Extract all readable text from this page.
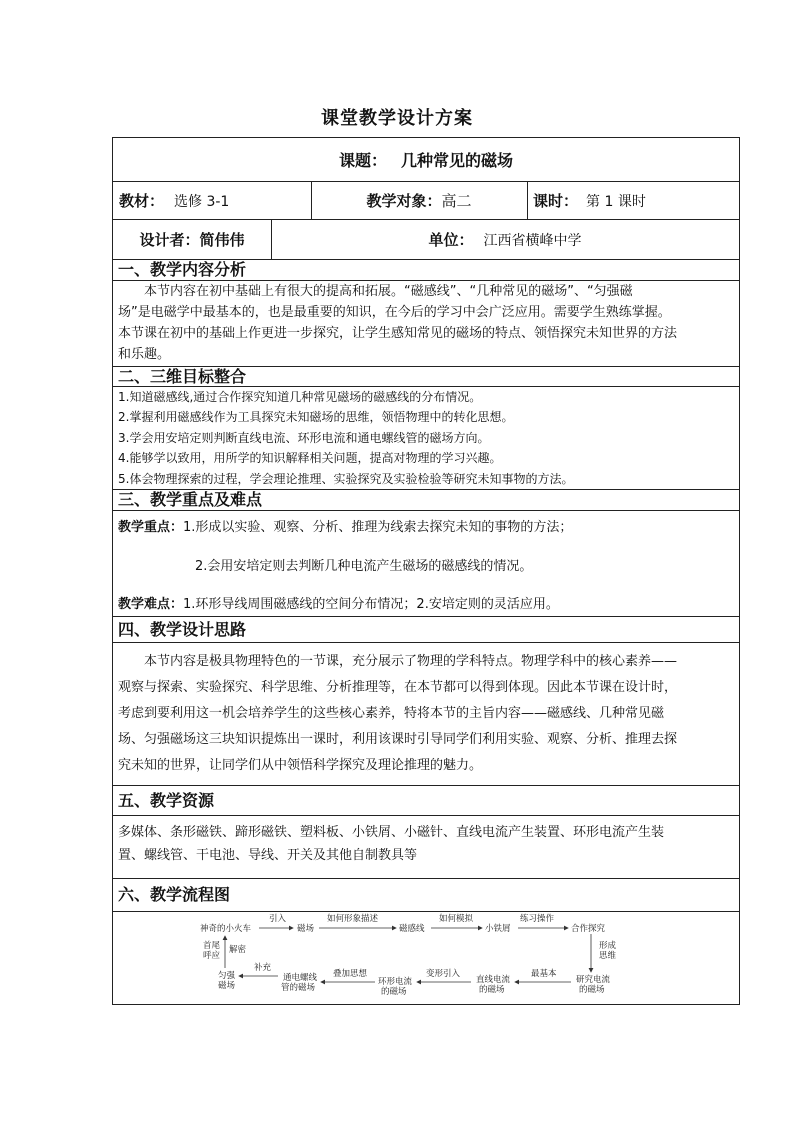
课堂教学设计方案
课题： 几种常见的磁场
教材： 选修 3-1	教学对象： 高二	课时： 第 1 课时
设计者： 简伟伟	单位： 江西省横峰中学
一、教学内容分析
本节内容在初中基础上有很大的提高和拓展。“磁感线”、“几种常见的磁场”、“匀强磁
场”是电磁学中最基本的，也是最重要的知识，在今后的学习中会广泛应用。需要学生熟练掌握。
本节课在初中的基础上作更进一步探究，让学生感知常见的磁场的特点、领悟探究未知世界的方法
和乐趣。
二、三维目标整合
1.知道磁感线,通过合作探究知道几种常见磁场的磁感线的分布情况。
2.掌握利用磁感线作为工具探究未知磁场的思维，领悟物理中的转化思想。
3.学会用安培定则判断直线电流、环形电流和通电螺线管的磁场方向。
4.能够学以致用，用所学的知识解释相关问题，提高对物理的学习兴趣。
5.体会物理探索的过程，学会理论推理、实验探究及实验检验等研究未知事物的方法。
三、教学重点及难点
教学重点：1.形成以实验、观察、分析、推理为线索去探究未知的事物的方法；
2.会用安培定则去判断几种电流产生磁场的磁感线的情况。
教学难点：1.环形导线周围磁感线的空间分布情况；2.安培定则的灵活应用。
四、教学设计思路
本节内容是极具物理特色的一节课，充分展示了物理的学科特点。物理学科中的核心素养——
观察与探索、实验探究、科学思维、分析推理等，在本节都可以得到体现。因此本节课在设计时，
考虑到要利用这一机会培养学生的这些核心素养，特将本节的主旨内容——磁感线、几种常见磁
场、匀强磁场这三块知识提炼出一课时，利用该课时引导同学们利用实验、观察、分析、推理去探
究未知的世界，让同学们从中领悟科学探究及理论推理的魅力。
五、教学资源
多媒体、条形磁铁、蹄形磁铁、塑料板、小铁屑、小磁针、直线电流产生装置、环形电流产生装
置、螺线管、干电池、导线、开关及其他自制教具等
六、教学流程图
神奇的小火车	磁场	磁感线	小铁屑	合作探究
引入	如何形象描述	如何模拟	练习操作
形成
思维
研究电流
的磁场
直线电流
的磁场
环形电流
的磁场
通电螺线
管的磁场
匀强
磁场
最基本
变形引入
叠加思想
补充
解密
首尾
呼应
